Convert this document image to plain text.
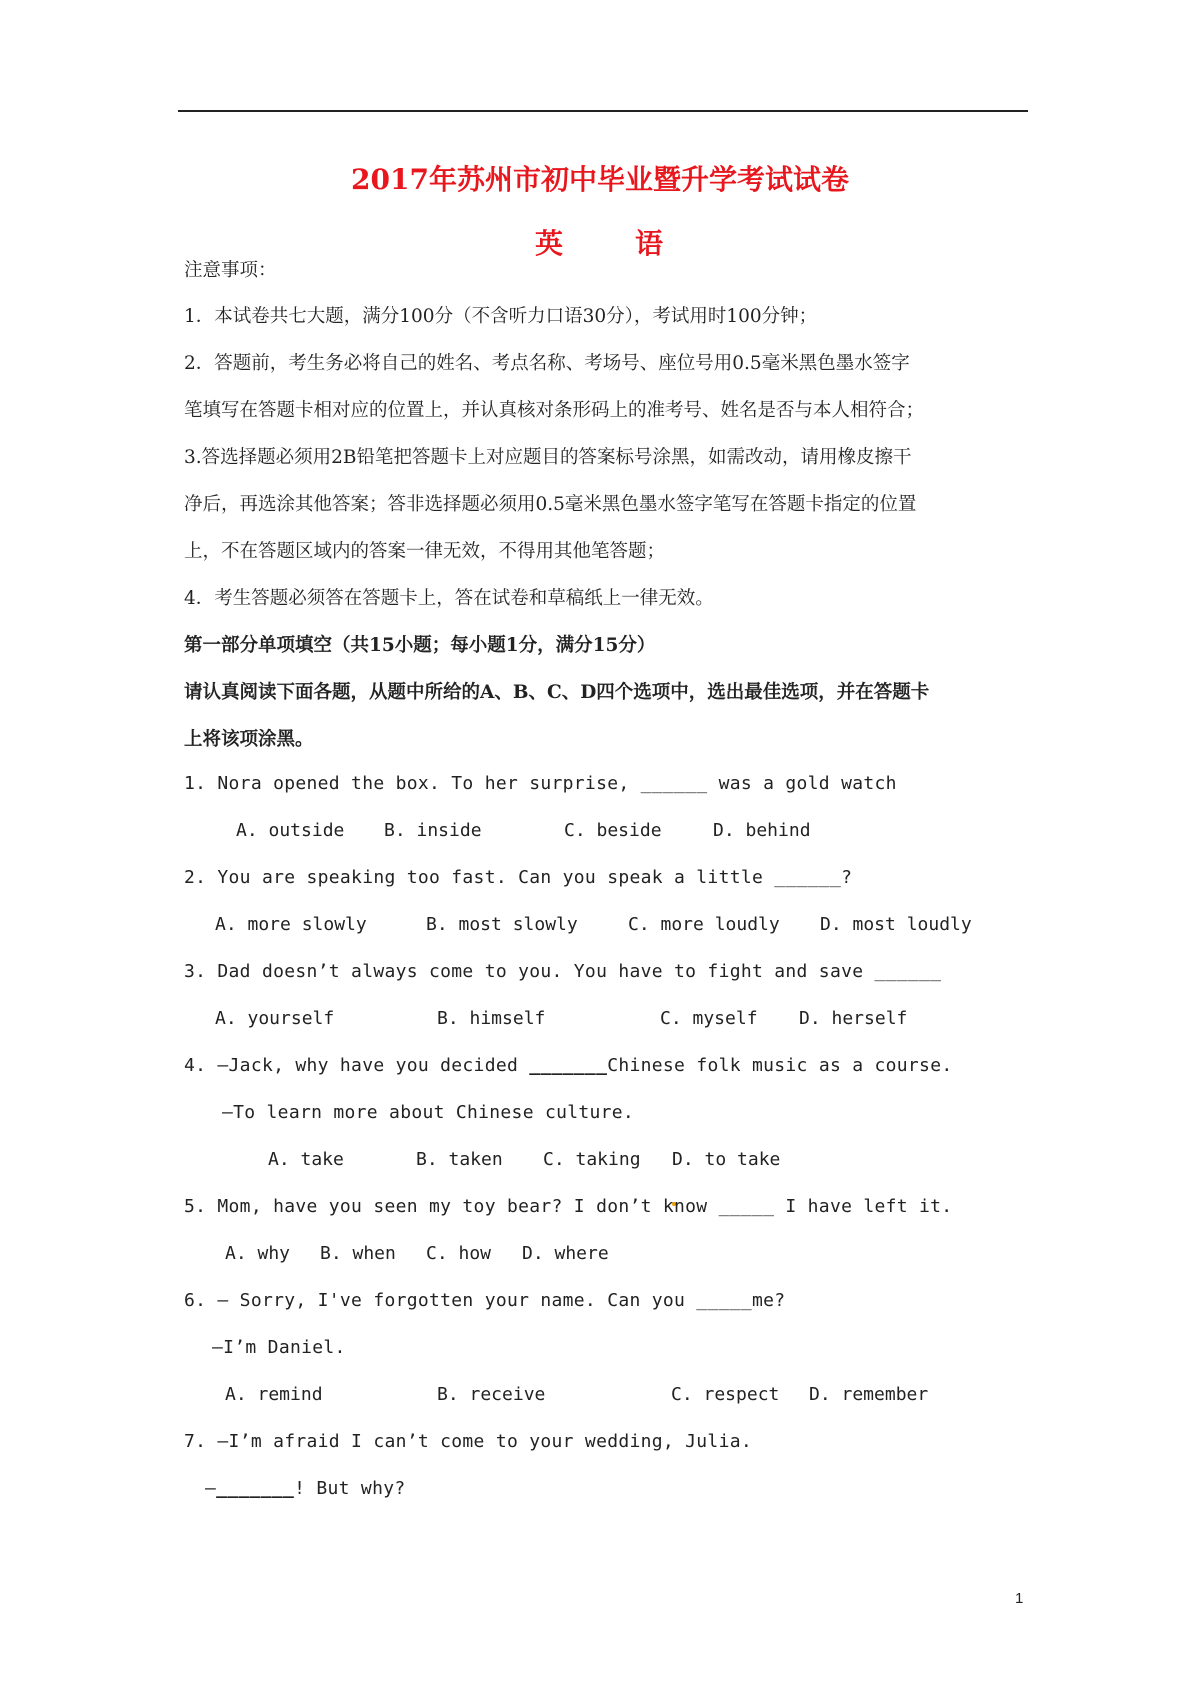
2017年苏州市初中毕业暨升学考试试卷
英	语
注意事项：
1．本试卷共七大题，满分100分（不含听力口语30分），考试用时100分钟；
2．答题前，考生务必将自己的姓名、考点名称、考场号、座位号用0.5毫米黑色墨水签字
笔填写在答题卡相对应的位置上，并认真核对条形码上的准考号、姓名是否与本人相符合；
3.答选择题必须用2B铅笔把答题卡上对应题目的答案标号涂黑，如需改动，请用橡皮擦干
净后，再选涂其他答案；答非选择题必须用0.5毫米黑色墨水签字笔写在答题卡指定的位置
上，不在答题区域内的答案一律无效，不得用其他笔答题；
4．考生答题必须答在答题卡上，答在试卷和草稿纸上一律无效。
第一部分单项填空（共15小题；每小题1分，满分15分）
请认真阅读下面各题，从题中所给的A、B、C、D四个选项中，选出最佳选项，并在答题卡
上将该项涂黑。
1. Nora opened the box. To her surprise, ______ was a gold watch
A. outside B. inside	C. beside	D. behind
2. You are speaking too fast. Can you speak a little ______?
A. more slowly	B. most slowly	C. more loudly D. most loudly
3. Dad doesn’t always come to you. You have to fight and save ______
A. yourself	B. himself	C. myself D. herself
4. —Jack, why have you decided _______Chinese folk music as a course.
—To learn more about Chinese culture.
A. take	B. taken C. taking D. to take
5. Mom, have you seen my toy bear? I don’t know _____ I have left it.
A. why B. when C. how D. where
6. — Sorry, I've forgotten your name. Can you _____me?
—I’m Daniel.
A. remind	B. receive	C. respect D. remember
7. —I’m afraid I can’t come to your wedding, Julia.
—_______! But why?
1
